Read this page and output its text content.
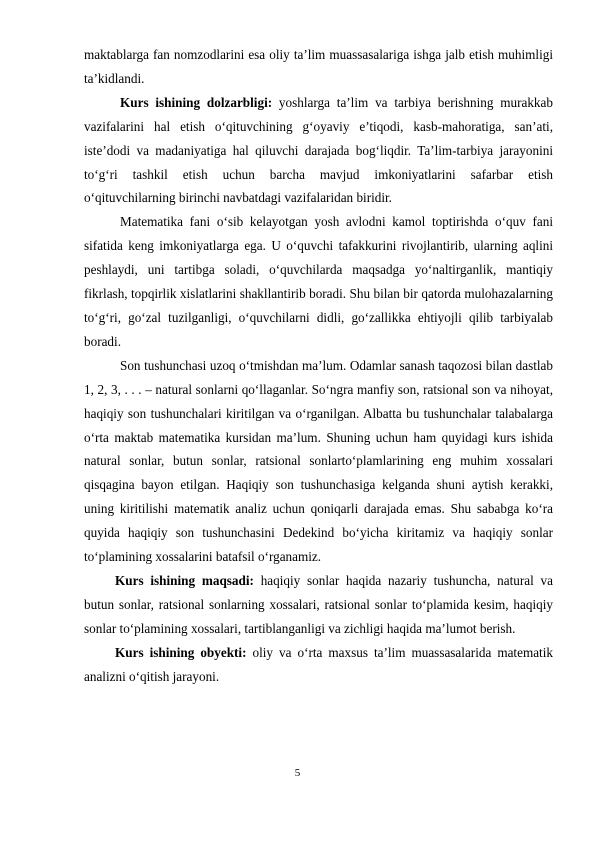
maktablarga fan nomzodlarini esa oliy ta’lim muassasalariga ishga jalb etish muhimligi ta’kidlandi.

Kurs ishining dolzarbligi: yoshlarga ta’lim va tarbiya berishning murakkab vazifalarini hal etish o‘qituvchining g‘oyaviy e’tiqodi, kasb-mahoratiga, san’ati, iste’dodi va madaniyatiga hal qiluvchi darajada bog‘liqdir. Ta’lim-tarbiya jarayonini to‘g‘ri tashkil etish uchun barcha mavjud imkoniyatlarini safarbar etish o‘qituvchilarning birinchi navbatdagi vazifalaridan biridir.

Matematika fani o‘sib kelayotgan yosh avlodni kamol toptirishda o‘quv fani sifatida keng imkoniyatlarga ega. U o‘quvchi tafakkurini rivojlantirib, ularning aqlini peshlaydi, uni tartibga soladi, o‘quvchilarda maqsadga yo‘naltirganlik, mantiqiy fikrlash, topqirlik xislatlarini shakllantirib boradi. Shu bilan bir qatorda mulohazalarning to‘g‘ri, go‘zal tuzilganligi, o‘quvchilarni didli, go‘zallikka ehtiyojli qilib tarbiyalab boradi.

Son tushunchasi uzoq o‘tmishdan ma’lum. Odamlar sanash taqozosi bilan dastlab 1, 2, 3, . . . – natural sonlarni qo‘llaganlar. So‘ngra manfiy son, ratsional son va nihoyat, haqiqiy son tushunchalari kiritilgan va o‘rganilgan. Albatta bu tushunchalar talabalarga o‘rta maktab matematika kursidan ma’lum. Shuning uchun ham quyidagi kurs ishida natural sonlar, butun sonlar, ratsional sonlarto‘plamlarining eng muhim xossalari qisqagina bayon etilgan. Haqiqiy son tushunchasiga kelganda shuni aytish kerakki, uning kiritilishi matematik analiz uchun qoniqarli darajada emas. Shu sababga ko‘ra quyida haqiqiy son tushunchasini Dedekind bo‘yicha kiritamiz va haqiqiy sonlar to‘plamining xossalarini batafsil o‘rganamiz.

Kurs ishining maqsadi: haqiqiy sonlar haqida nazariy tushuncha, natural va butun sonlar, ratsional sonlarning xossalari, ratsional sonlar to‘plamida kesim, haqiqiy sonlar to‘plamining xossalari, tartiblanganligi va zichligi haqida ma’lumot berish.

Kurs ishining obyekti: oliy va o‘rta maxsus ta’lim muassasalarida matematik analizni o‘qitish jarayoni.

5
